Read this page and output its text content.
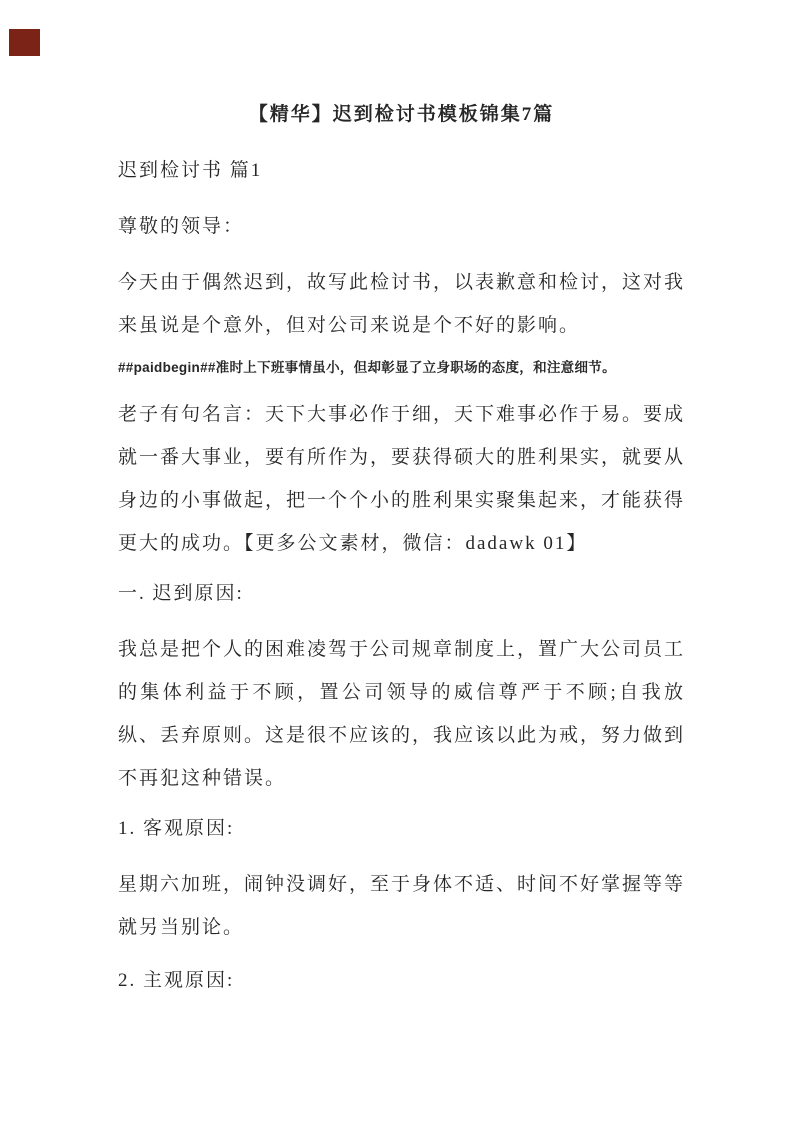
【精华】迟到检讨书模板锦集7篇
迟到检讨书 篇1
尊敬的领导：
今天由于偶然迟到，故写此检讨书，以表歉意和检讨，这对我来虽说是个意外，但对公司来说是个不好的影响。
##paidbegin##准时上下班事情虽小，但却彰显了立身职场的态度，和注意细节。
老子有句名言：天下大事必作于细，天下难事必作于易。要成就一番大事业，要有所作为，要获得硕大的胜利果实，就要从身边的小事做起，把一个个小的胜利果实聚集起来，才能获得更大的成功。【更多公文素材，微信：dadawk 01】
一. 迟到原因:
我总是把个人的困难凌驾于公司规章制度上，置广大公司员工的集体利益于不顾，置公司领导的威信尊严于不顾;自我放纵、丢弃原则。这是很不应该的，我应该以此为戒，努力做到不再犯这种错误。
1. 客观原因:
星期六加班，闹钟没调好，至于身体不适、时间不好掌握等等就另当别论。
2. 主观原因:
